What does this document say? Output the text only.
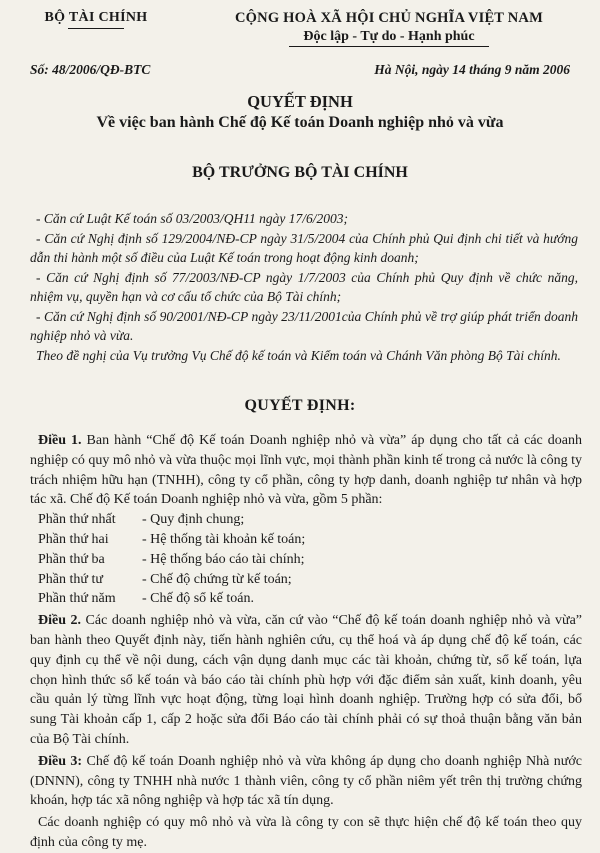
BỘ TÀI CHÍNH	CỘNG HOÀ XÃ HỘI CHỦ NGHĨA VIỆT NAM
Độc lập - Tự do - Hạnh phúc
Số: 48/2006/QĐ-BTC	Hà Nội, ngày 14 tháng 9 năm 2006
QUYẾT ĐỊNH
Về việc ban hành Chế độ Kế toán Doanh nghiệp nhỏ và vừa
BỘ TRƯỞNG BỘ TÀI CHÍNH

- Căn cứ Luật Kế toán số 03/2003/QH11 ngày 17/6/2003;

- Căn cứ Nghị định số 129/2004/NĐ-CP ngày 31/5/2004 của Chính phủ Qui định chi tiết và hướng dẫn thi hành một số điều của Luật Kế toán trong hoạt động kinh doanh;

- Căn cứ Nghị định số 77/2003/NĐ-CP ngày 1/7/2003 của Chính phủ Quy định về chức năng, nhiệm vụ, quyền hạn và cơ cấu tổ chức của Bộ Tài chính;

- Căn cứ Nghị định số 90/2001/NĐ-CP ngày 23/11/2001của Chính phủ về trợ giúp phát triển doanh nghiệp nhỏ và vừa.

Theo đề nghị của Vụ trưởng Vụ Chế độ kế toán và Kiểm toán và Chánh Văn phòng Bộ Tài chính.

QUYẾT ĐỊNH:

Điều 1. Ban hành “Chế độ Kế toán Doanh nghiệp nhỏ và vừa” áp dụng cho tất cả các doanh nghiệp có quy mô nhỏ và vừa thuộc mọi lĩnh vực, mọi thành phần kinh tế trong cả nước là công ty trách nhiệm hữu hạn (TNHH), công ty cổ phần, công ty hợp danh, doanh nghiệp tư nhân và hợp tác xã. Chế độ Kế toán Doanh nghiệp nhỏ và vừa, gồm 5 phần:

Phần thứ nhất	- Quy định chung;
Phần thứ hai	- Hệ thống tài khoản kế toán;
Phần thứ ba	- Hệ thống báo cáo tài chính;
Phần thứ tư	- Chế độ chứng từ kế toán;
Phần thứ năm	- Chế độ sổ kế toán.

Điều 2. Các doanh nghiệp nhỏ và vừa, căn cứ vào “Chế độ kế toán doanh nghiệp nhỏ và vừa” ban hành theo Quyết định này, tiến hành nghiên cứu, cụ thể hoá và áp dụng chế độ kế toán, các quy định cụ thể về nội dung, cách vận dụng danh mục các tài khoản, chứng từ, sổ kế toán, lựa chọn hình thức sổ kế toán và báo cáo tài chính phù hợp với đặc điểm sản xuất, kinh doanh, yêu cầu quản lý từng lĩnh vực hoạt động, từng loại hình doanh nghiệp. Trường hợp có sửa đổi, bổ sung Tài khoản cấp 1, cấp 2 hoặc sửa đổi Báo cáo tài chính phải có sự thoả thuận bằng văn bản của Bộ Tài chính.

Điều 3: Chế độ kế toán Doanh nghiệp nhỏ và vừa không áp dụng cho doanh nghiệp Nhà nước (DNNN), công ty TNHH nhà nước 1 thành viên, công ty cổ phần niêm yết trên thị trường chứng khoán, hợp tác xã nông nghiệp và hợp tác xã tín dụng.

Các doanh nghiệp có quy mô nhỏ và vừa là công ty con sẽ thực hiện chế độ kế toán theo quy định của công ty mẹ.
